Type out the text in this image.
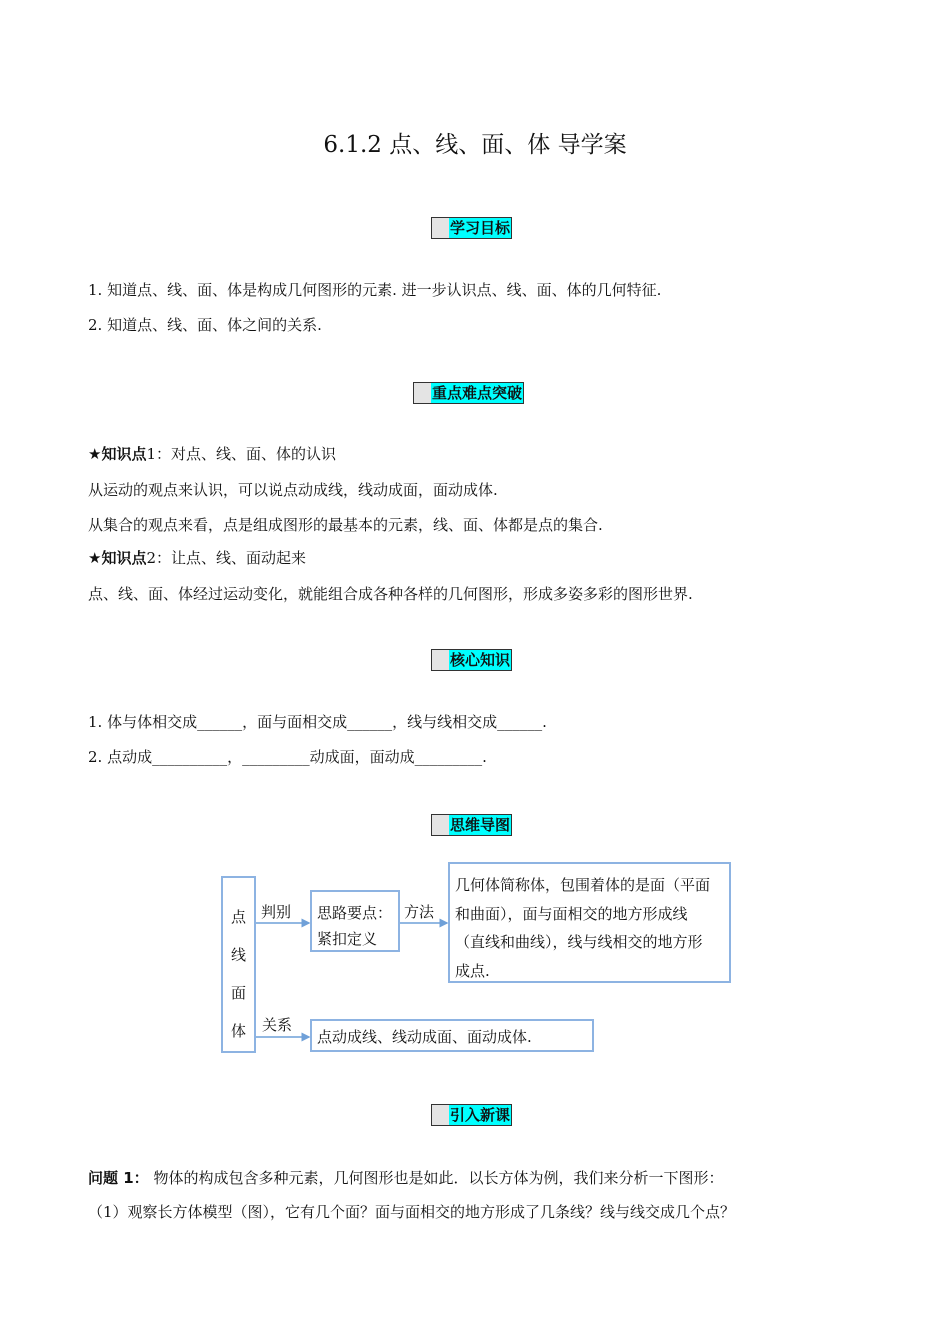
6.1.2 点、线、面、体 导学案
学习目标
1. 知道点、线、面、体是构成几何图形的元素. 进一步认识点、线、面、体的几何特征.
2. 知道点、线、面、体之间的关系.
重点难点突破
★知识点1：对点、线、面、体的认识
从运动的观点来认识，可以说点动成线，线动成面，面动成体.
从集合的观点来看，点是组成图形的最基本的元素，线、面、体都是点的集合.
★知识点2：让点、线、面动起来
点、线、面、体经过运动变化，就能组合成各种各样的几何图形，形成多姿多彩的图形世界.
核心知识
1. 体与体相交成______，面与面相交成______，线与线相交成______.
2. 点动成__________，_________动成面，面动成_________.
思维导图
点
线
面
体
判别	方法
关系
思路要点：
紧扣定义
几何体简称体，包围着体的是面（平面
和曲面），面与面相交的地方形成线
（直线和曲线），线与线相交的地方形
成点.
点动成线、线动成面、面动成体.
引入新课
问题 1： 物体的构成包含多种元素，几何图形也是如此．以长方体为例，我们来分析一下图形：
（1）观察长方体模型（图），它有几个面？面与面相交的地方形成了几条线？线与线交成几个点？
